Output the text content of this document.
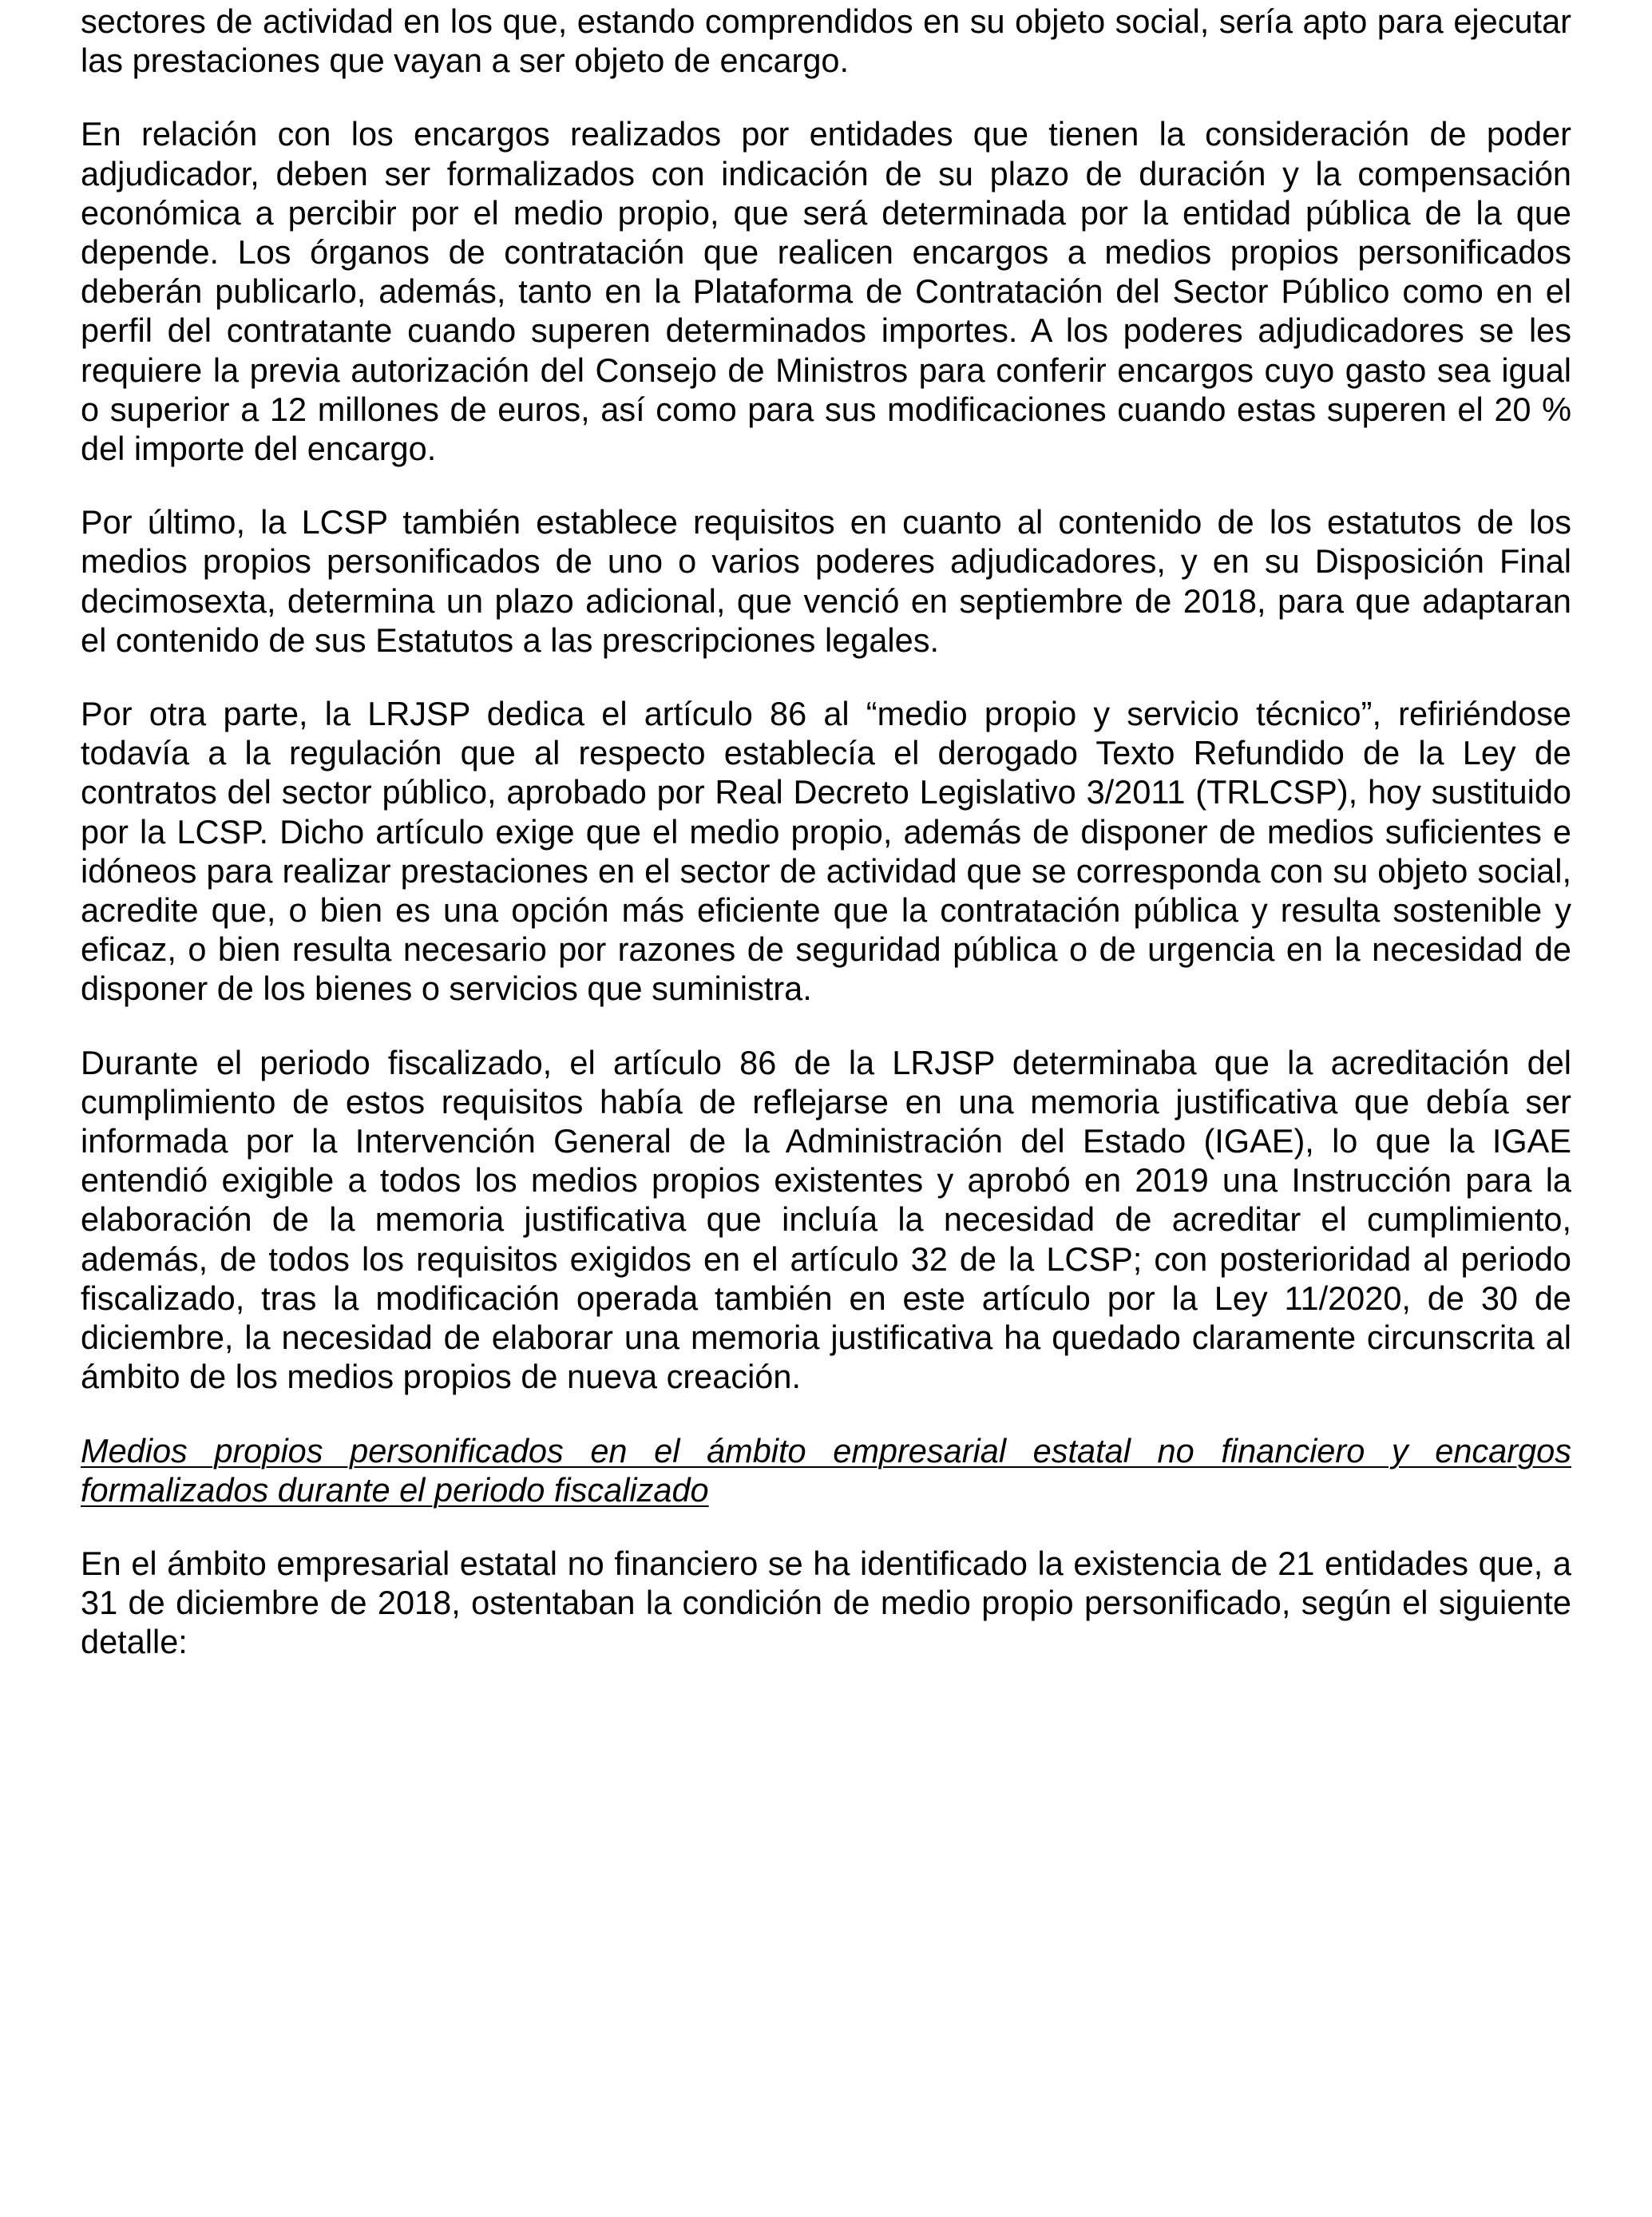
sectores de actividad en los que, estando comprendidos en su objeto social, sería apto para ejecutar las prestaciones que vayan a ser objeto de encargo.

En relación con los encargos realizados por entidades que tienen la consideración de poder adjudicador, deben ser formalizados con indicación de su plazo de duración y la compensación económica a percibir por el medio propio, que será determinada por la entidad pública de la que depende. Los órganos de contratación que realicen encargos a medios propios personificados deberán publicarlo, además, tanto en la Plataforma de Contratación del Sector Público como en el perfil del contratante cuando superen determinados importes. A los poderes adjudicadores se les requiere la previa autorización del Consejo de Ministros para conferir encargos cuyo gasto sea igual o superior a 12 millones de euros, así como para sus modificaciones cuando estas superen el 20 % del importe del encargo.

Por último, la LCSP también establece requisitos en cuanto al contenido de los estatutos de los medios propios personificados de uno o varios poderes adjudicadores, y en su Disposición Final decimosexta, determina un plazo adicional, que venció en septiembre de 2018, para que adaptaran el contenido de sus Estatutos a las prescripciones legales.

Por otra parte, la LRJSP dedica el artículo 86 al “medio propio y servicio técnico”, refiriéndose todavía a la regulación que al respecto establecía el derogado Texto Refundido de la Ley de contratos del sector público, aprobado por Real Decreto Legislativo 3/2011 (TRLCSP), hoy sustituido por la LCSP. Dicho artículo exige que el medio propio, además de disponer de medios suficientes e idóneos para realizar prestaciones en el sector de actividad que se corresponda con su objeto social, acredite que, o bien es una opción más eficiente que la contratación pública y resulta sostenible y eficaz, o bien resulta necesario por razones de seguridad pública o de urgencia en la necesidad de disponer de los bienes o servicios que suministra.

Durante el periodo fiscalizado, el artículo 86 de la LRJSP determinaba que la acreditación del cumplimiento de estos requisitos había de reflejarse en una memoria justificativa que debía ser informada por la Intervención General de la Administración del Estado (IGAE), lo que la IGAE entendió exigible a todos los medios propios existentes y aprobó en 2019 una Instrucción para la elaboración de la memoria justificativa que incluía la necesidad de acreditar el cumplimiento, además, de todos los requisitos exigidos en el artículo 32 de la LCSP; con posterioridad al periodo fiscalizado, tras la modificación operada también en este artículo por la Ley 11/2020, de 30 de diciembre, la necesidad de elaborar una memoria justificativa ha quedado claramente circunscrita al ámbito de los medios propios de nueva creación.

Medios propios personificados en el ámbito empresarial estatal no financiero y encargos formalizados durante el periodo fiscalizado

En el ámbito empresarial estatal no financiero se ha identificado la existencia de 21 entidades que, a 31 de diciembre de 2018, ostentaban la condición de medio propio personificado, según el siguiente detalle:
